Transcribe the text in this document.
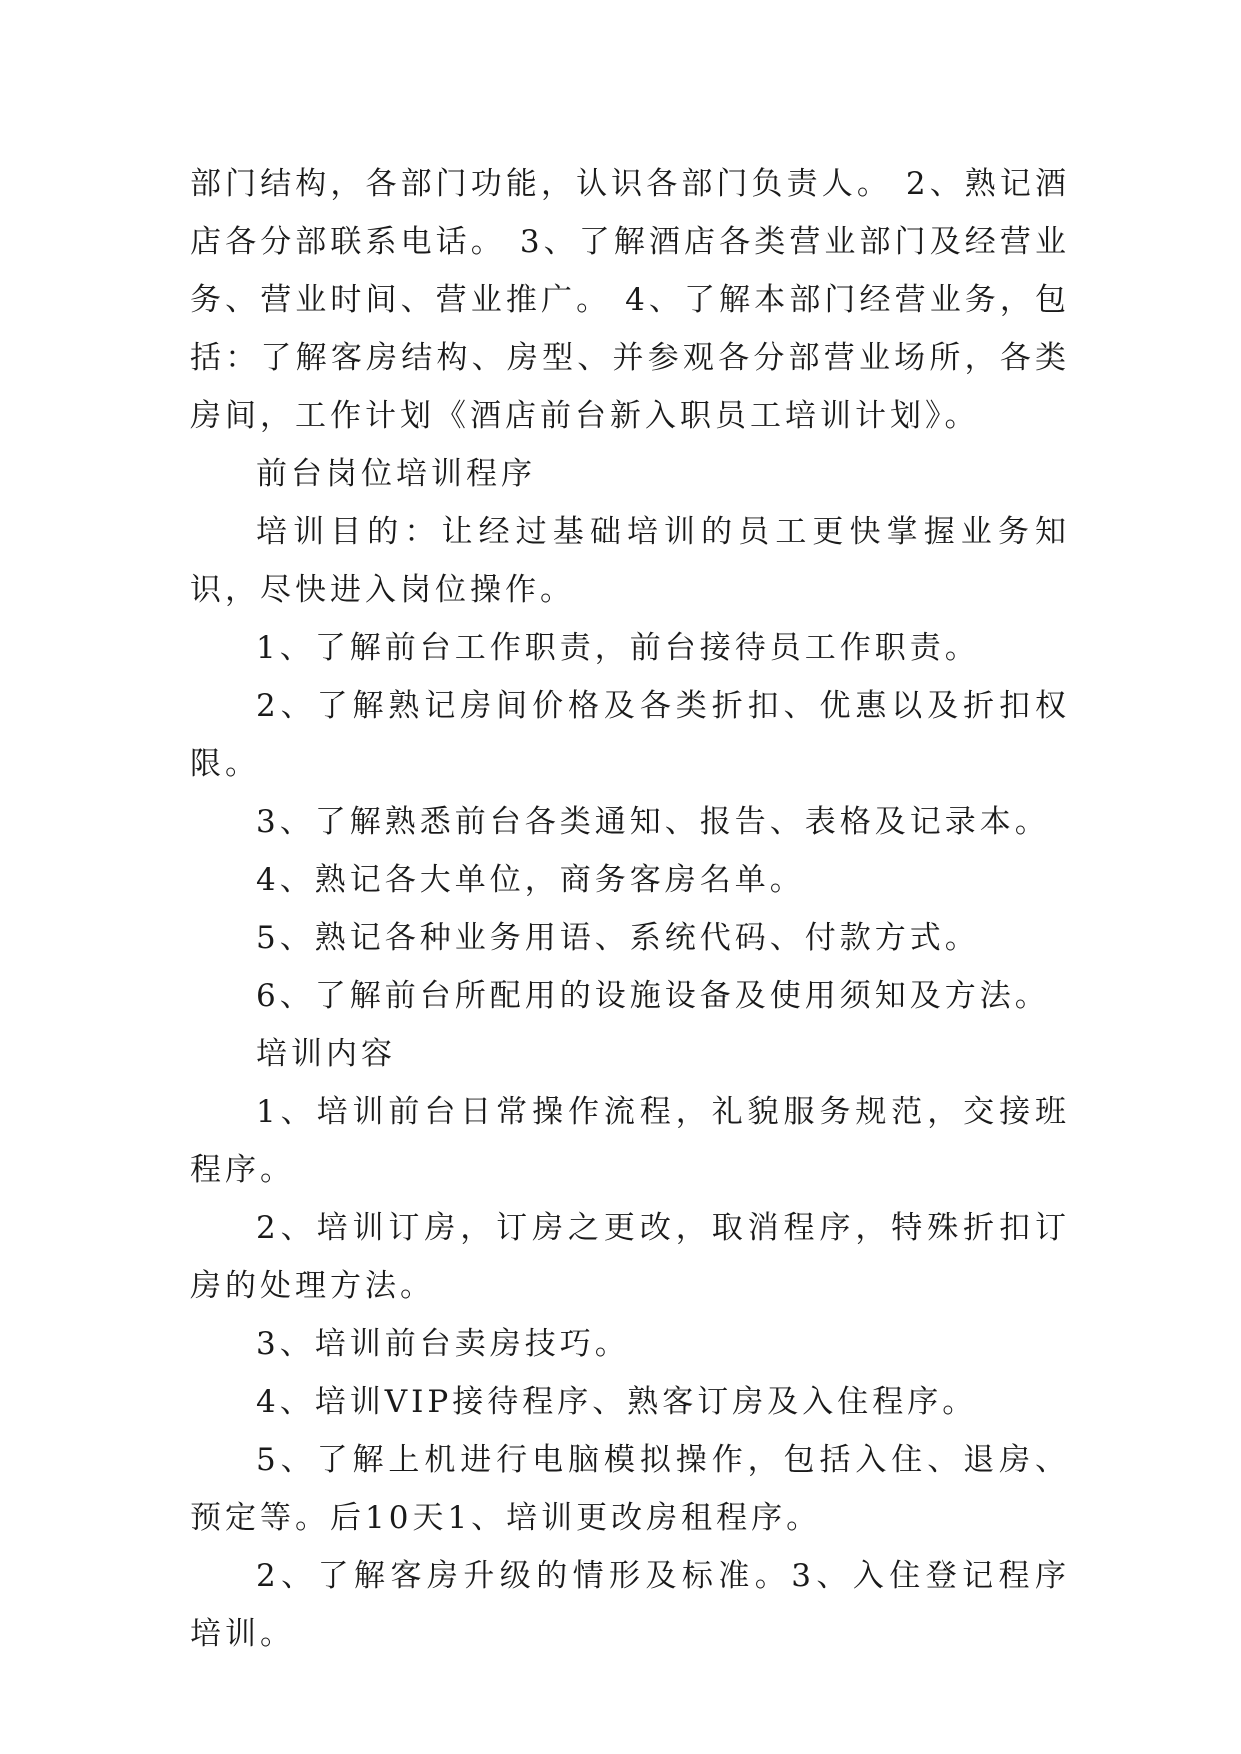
部门结构，各部门功能，认识各部门负责人。 2、熟记酒店各分部联系电话。 3、了解酒店各类营业部门及经营业务、营业时间、营业推广。 4、了解本部门经营业务，包括：了解客房结构、房型、并参观各分部营业场所，各类房间，工作计划《酒店前台新入职员工培训计划》。

前台岗位培训程序

培训目的：让经过基础培训的员工更快掌握业务知识，尽快进入岗位操作。

1、了解前台工作职责，前台接待员工作职责。

2、了解熟记房间价格及各类折扣、优惠以及折扣权限。

3、了解熟悉前台各类通知、报告、表格及记录本。

4、熟记各大单位，商务客房名单。

5、熟记各种业务用语、系统代码、付款方式。

6、了解前台所配用的设施设备及使用须知及方法。

培训内容

1、培训前台日常操作流程，礼貌服务规范，交接班程序。

2、培训订房，订房之更改，取消程序，特殊折扣订房的处理方法。

3、培训前台卖房技巧。

4、培训VIP接待程序、熟客订房及入住程序。

5、了解上机进行电脑模拟操作，包括入住、退房、预定等。后10天1、培训更改房租程序。

2、了解客房升级的情形及标准。3、入住登记程序培训。
